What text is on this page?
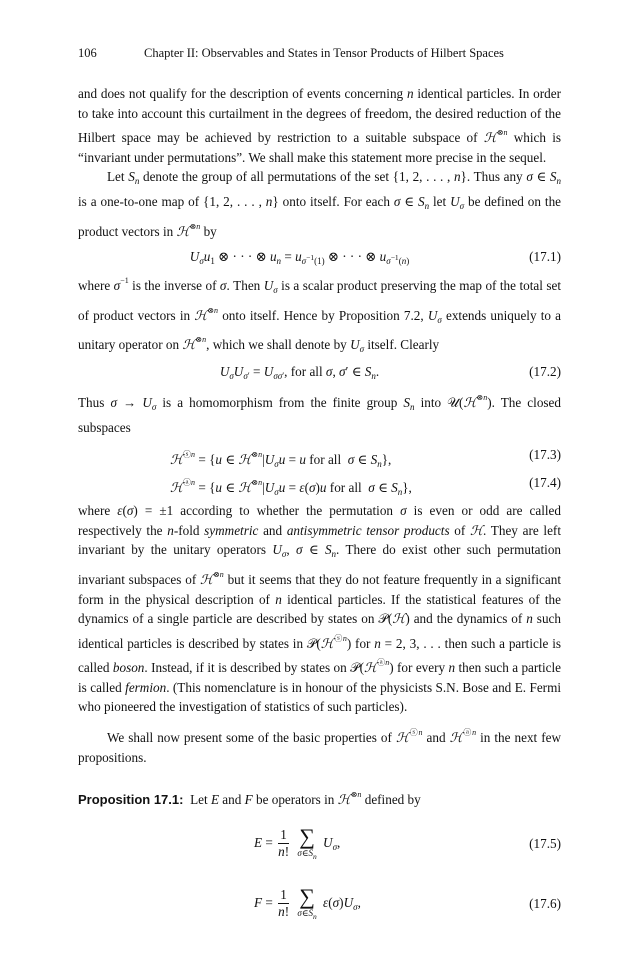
106	Chapter II: Observables and States in Tensor Products of Hilbert Spaces

and does not qualify for the description of events concerning n identical particles. In order to take into account this curtailment in the degrees of freedom, the desired reduction of the Hilbert space may be achieved by restriction to a suitable subspace of ℋ$^{\otimes n}$ which is “invariant under permutations”. We shall make this statement more precise in the sequel.

Let $S_n$ denote the group of all permutations of the set {1, 2, . . . , n}. Thus any σ ∈ $S_n$ is a one-to-one map of {1, 2, . . . , n} onto itself. For each σ ∈ $S_n$ let $U_\sigma$ be defined on the product vectors in ℋ$^{\otimes n}$ by

$U_\sigma u_1$ ⊗ · · · ⊗ $u_n = u_{\sigma^{-1}(1)}$ ⊗ · · · ⊗ $u_{\sigma^{-1}(n)}$	(17.1)

where $\sigma^{-1}$ is the inverse of σ. Then $U_\sigma$ is a scalar product preserving the map of the total set of product vectors in ℋ$^{\otimes n}$ onto itself. Hence by Proposition 7.2, $U_\sigma$ extends uniquely to a unitary operator on ℋ$^{\otimes n}$, which we shall denote by $U_\sigma$ itself. Clearly

$U_\sigma U_{\sigma'} = U_{\sigma\sigma'}$, for all σ, σ′ ∈ $S_n$.	(17.2)

Thus $\sigma \to U_\sigma$ is a homomorphism from the finite group $S_n$ into 𝒰(ℋ$^{\otimes n}$). The closed subspaces

ℋ$^{ⓢn}$ = {u ∈ $ℋ^{\otimes n}|U_\sigma u = u$ for all  σ ∈ $S_n$},	(17.3)
ℋ$^{ⓐn}$ = {u ∈ $ℋ^{\otimes n}|U_\sigma u = \varepsilon(\sigma)u$ for all  σ ∈ $S_n$},	(17.4)

where ε(σ) = ±1 according to whether the permutation σ is even or odd are called respectively the n-fold symmetric and antisymmetric tensor products of ℋ. They are left invariant by the unitary operators $U_\sigma$, σ ∈ $S_n$. There do exist other such permutation invariant subspaces of ℋ$^{\otimes n}$ but it seems that they do not feature frequently in a significant form in the physical description of n identical particles. If the statistical features of the dynamics of a single particle are described by states on 𝒫(ℋ) and the dynamics of n such identical particles is described by states in 𝒫(ℋ$^{ⓢn}$) for n = 2, 3, . . . then such a particle is called boson. Instead, if it is described by states on 𝒫(ℋ$^{ⓐn}$) for every n then such a particle is called fermion. (This nomenclature is in honour of the physicists S.N. Bose and E. Fermi who pioneered the investigation of statistics of such particles).

We shall now present some of the basic properties of ℋ$^{ⓢn}$ and ℋ$^{ⓐn}$ in the next few propositions.

Proposition 17.1:  Let E and F be operators in ℋ$^{\otimes n}$ defined by

$E = \frac{1}{n!}$
∑
$\sigma\in S_n$
$U_\sigma$,	(17.5)
$F = \frac{1}{n!}$
∑
$\sigma\in S_n$
$\varepsilon(\sigma)U_\sigma$,	(17.6)
